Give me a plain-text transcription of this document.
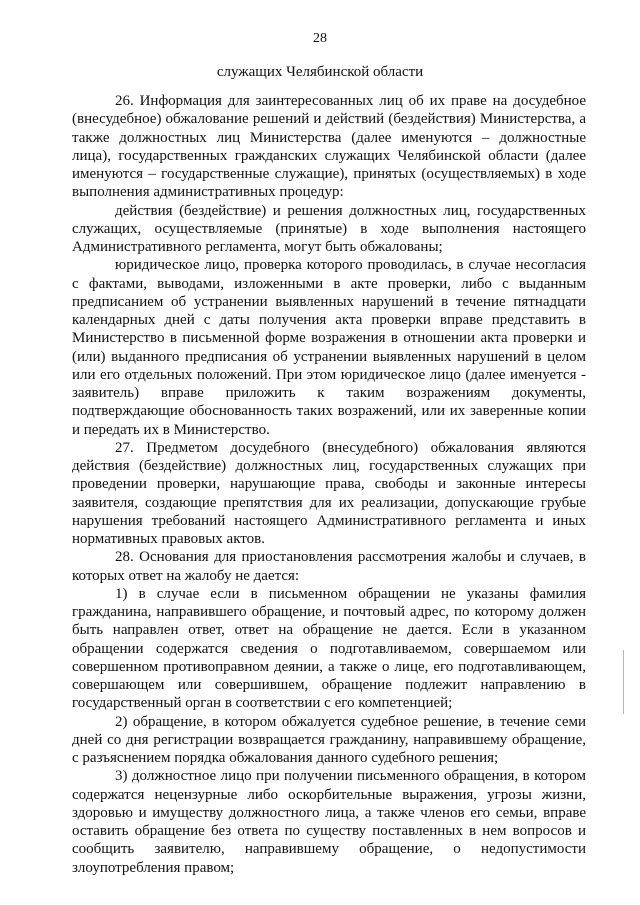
28
служащих Челябинской области

26. Информация для заинтересованных лиц об их праве на досудебное (внесудебное) обжалование решений и действий (бездействия) Министерства, а также должностных лиц Министерства (далее именуются – должностные лица), государственных гражданских служащих Челябинской области (далее именуются – государственные служащие), принятых (осуществляемых) в ходе выполнения административных процедур:

действия (бездействие) и решения должностных лиц, государственных служащих, осуществляемые (принятые) в ходе выполнения настоящего Административного регламента, могут быть обжалованы;

юридическое лицо, проверка которого проводилась, в случае несогласия с фактами, выводами, изложенными в акте проверки, либо с выданным предписанием об устранении выявленных нарушений в течение пятнадцати календарных дней с даты получения акта проверки вправе представить в Министерство в письменной форме возражения в отношении акта проверки и (или) выданного предписания об устранении выявленных нарушений в целом или его отдельных положений. При этом юридическое лицо (далее именуется - заявитель) вправе приложить к таким возражениям документы, подтверждающие обоснованность таких возражений, или их заверенные копии и передать их в Министерство.

27. Предметом досудебного (внесудебного) обжалования являются действия (бездействие) должностных лиц, государственных служащих при проведении проверки, нарушающие права, свободы и законные интересы заявителя, создающие препятствия для их реализации, допускающие грубые нарушения требований настоящего Административного регламента и иных нормативных правовых актов.

28. Основания для приостановления рассмотрения жалобы и случаев, в которых ответ на жалобу не дается:

1) в случае если в письменном обращении не указаны фамилия гражданина, направившего обращение, и почтовый адрес, по которому должен быть направлен ответ, ответ на обращение не дается. Если в указанном обращении содержатся сведения о подготавливаемом, совершаемом или совершенном противоправном деянии, а также о лице, его подготавливающем, совершающем или совершившем, обращение подлежит направлению в государственный орган в соответствии с его компетенцией;

2) обращение, в котором обжалуется судебное решение, в течение семи дней со дня регистрации возвращается гражданину, направившему обращение, с разъяснением порядка обжалования данного судебного решения;

3) должностное лицо при получении письменного обращения, в котором содержатся нецензурные либо оскорбительные выражения, угрозы жизни, здоровью и имуществу должностного лица, а также членов его семьи, вправе оставить обращение без ответа по существу поставленных в нем вопросов и сообщить заявителю, направившему обращение, о недопустимости злоупотребления правом;
